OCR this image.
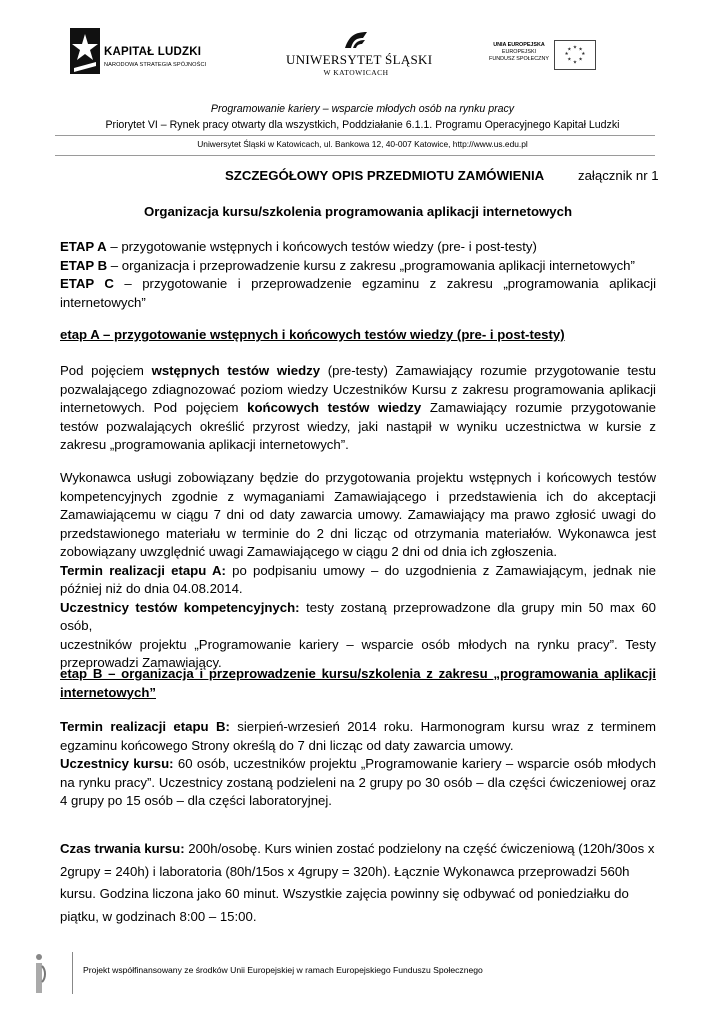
KAPITAŁ LUDZKI
NARODOWA STRATEGIA SPÓJNOŚCI	UNIWERSYTET ŚLĄSKI
W KATOWICACH
UNIA EUROPEJSKA
EUROPEJSKI
FUNDUSZ SPOŁECZNY
★ ★
★
★
★
★
★
★
Programowanie kariery – wsparcie młodych osób na rynku pracy
Priorytet VI – Rynek pracy otwarty dla wszystkich, Poddziałanie 6.1.1. Programu Operacyjnego Kapitał Ludzki
Uniwersytet Śląski w Katowicach, ul. Bankowa 12, 40-007 Katowice, http://www.us.edu.pl
SZCZEGÓŁOWY OPIS PRZEDMIOTU ZAMÓWIENIA	załącznik nr 1
Organizacja kursu/szkolenia programowania aplikacji internetowych
ETAP A – przygotowanie wstępnych i końcowych testów wiedzy (pre- i post-testy)
ETAP B – organizacja i przeprowadzenie kursu z zakresu „programowania aplikacji internetowych”
ETAP C – przygotowanie i przeprowadzenie egzaminu z zakresu „programowania aplikacji
internetowych”
etap A – przygotowanie wstępnych i końcowych testów wiedzy (pre- i post-testy)
Pod pojęciem wstępnych testów wiedzy (pre-testy) Zamawiający rozumie przygotowanie testu
pozwalającego zdiagnozować poziom wiedzy Uczestników Kursu z zakresu programowania aplikacji
internetowych. Pod pojęciem końcowych testów wiedzy Zamawiający rozumie przygotowanie
testów pozwalających określić przyrost wiedzy, jaki nastąpił w wyniku uczestnictwa w kursie z
zakresu „programowania aplikacji internetowych”.
Wykonawca usługi zobowiązany będzie do przygotowania projektu wstępnych i końcowych testów
kompetencyjnych zgodnie z wymaganiami Zamawiającego i przedstawienia ich do akceptacji
Zamawiającemu w ciągu 7 dni od daty zawarcia umowy. Zamawiający ma prawo zgłosić uwagi do
przedstawionego materiału w terminie do 2 dni licząc od otrzymania materiałów. Wykonawca jest
zobowiązany uwzględnić uwagi Zamawiającego w ciągu 2 dni od dnia ich zgłoszenia.
Termin realizacji etapu A: po podpisaniu umowy – do uzgodnienia z Zamawiającym, jednak nie
później niż do dnia 04.08.2014.
Uczestnicy testów kompetencyjnych: testy zostaną przeprowadzone dla grupy min 50 max 60 osób,
uczestników projektu „Programowanie kariery – wsparcie osób młodych na rynku pracy”. Testy
przeprowadzi Zamawiający.
etap B – organizacja i przeprowadzenie kursu/szkolenia z zakresu „programowania aplikacji
internetowych”
Termin realizacji etapu B: sierpień-wrzesień 2014 roku. Harmonogram kursu wraz z terminem
egzaminu końcowego Strony określą do 7 dni licząc od daty zawarcia umowy.
Uczestnicy kursu: 60 osób, uczestników projektu „Programowanie kariery – wsparcie osób młodych
na rynku pracy”. Uczestnicy zostaną podzieleni na 2 grupy po 30 osób – dla części ćwiczeniowej oraz
4 grupy po 15 osób – dla części laboratoryjnej.
Czas trwania kursu: 200h/osobę. Kurs winien zostać podzielony na część ćwiczeniową (120h/30os x
2grupy = 240h) i laboratoria (80h/15os x 4grupy = 320h). Łącznie Wykonawca przeprowadzi 560h
kursu. Godzina liczona jako 60 minut. Wszystkie zajęcia powinny się odbywać od poniedziałku do
piątku, w godzinach 8:00 – 15:00.
Projekt współfinansowany ze środków Unii Europejskiej w ramach Europejskiego Funduszu Społecznego
